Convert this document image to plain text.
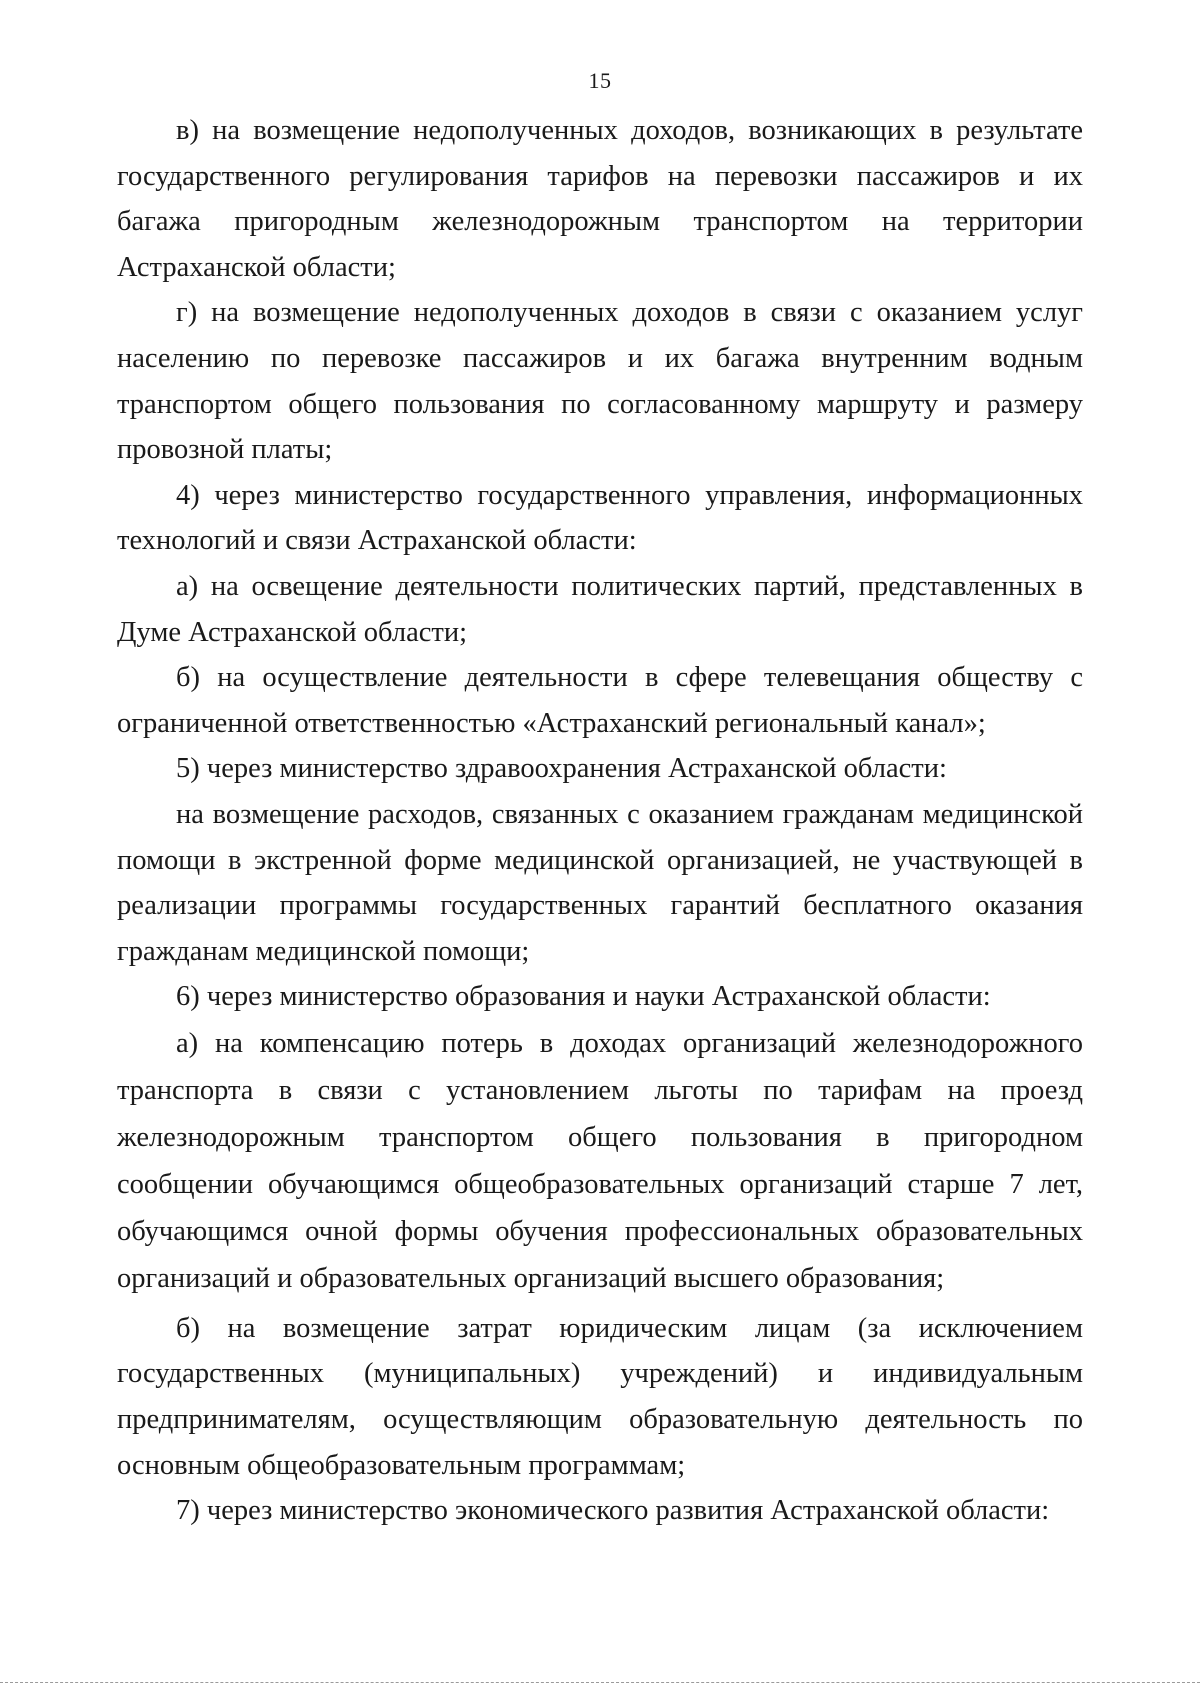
15

в) на возмещение недополученных доходов, возникающих в результате государственного регулирования тарифов на перевозки пассажиров и их багажа пригородным железнодорожным транспортом на территории Астраханской области;

г) на возмещение недополученных доходов в связи с оказанием услуг населению по перевозке пассажиров и их багажа внутренним водным транспортом общего пользования по согласованному маршруту и размеру провозной платы;

4) через министерство государственного управления, информационных технологий и связи Астраханской области:

а) на освещение деятельности политических партий, представленных в Думе Астраханской области;

б) на осуществление деятельности в сфере телевещания обществу с ограниченной ответственностью «Астраханский региональный канал»;

5) через министерство здравоохранения Астраханской области:

на возмещение расходов, связанных с оказанием гражданам медицинской помощи в экстренной форме медицинской организацией, не участвующей в реализации программы государственных гарантий бесплатного оказания гражданам медицинской помощи;

6) через министерство образования и науки Астраханской области:

а) на компенсацию потерь в доходах организаций железнодорожного транспорта в связи с установлением льготы по тарифам на проезд железнодорожным транспортом общего пользования в пригородном сообщении обучающимся общеобразовательных организаций старше 7 лет, обучающимся очной формы обучения профессиональных образовательных организаций и образовательных организаций высшего образования;

б) на возмещение затрат юридическим лицам (за исключением государственных (муниципальных) учреждений) и индивидуальным предпринимателям, осуществляющим образовательную деятельность по основным общеобразовательным программам;

7) через министерство экономического развития Астраханской области:
